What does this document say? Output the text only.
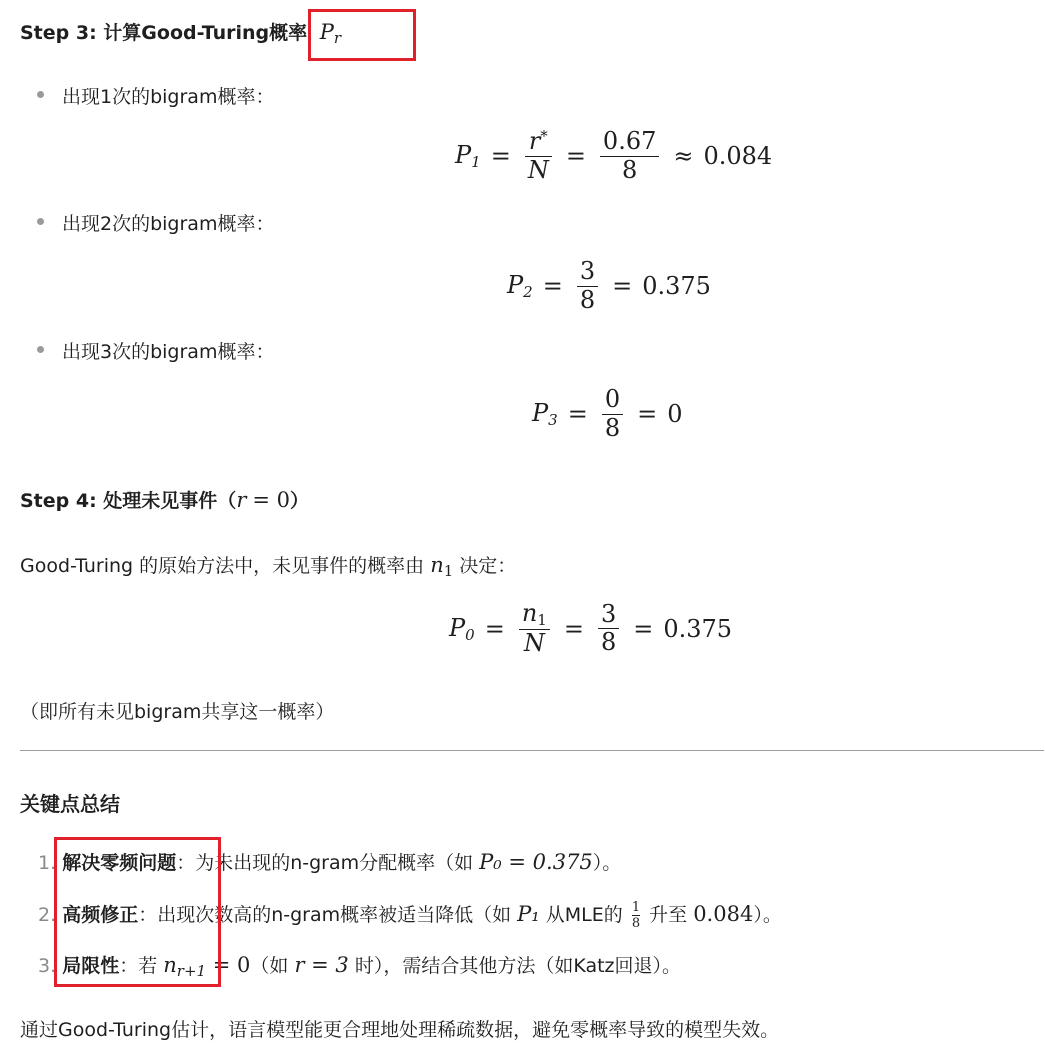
Step 3: 计算Good-Turing概率 $P_r$
出现1次的bigram概率：
$P_1 = \frac{r^*}{N} = \frac{0.67}{8} \approx 0.084$
出现2次的bigram概率：
$P_2 = \frac{3}{8} = 0.375$
出现3次的bigram概率：
$P_3 = \frac{0}{8} = 0$
Step 4: 处理未见事件（r = 0）
Good-Turing 的原始方法中，未见事件的概率由 $n_1$ 决定：
$P_0 = \frac{n_1}{N} = \frac{3}{8} = 0.375$
（即所有未见bigram共享这一概率）
关键点总结
1. 解决零频问题：为未出现的n-gram分配概率（如 P₀ = 0.375）。
2. 高频修正：出现次数高的n-gram概率被适当降低（如 P₁ 从MLE的 $\frac{1}{8}$ 升至 0.084）。
3. 局限性：若 $n_{r+1} = 0$（如 r = 3 时），需结合其他方法（如Katz回退）。
通过Good-Turing估计，语言模型能更合理地处理稀疏数据，避免零概率导致的模型失效。
